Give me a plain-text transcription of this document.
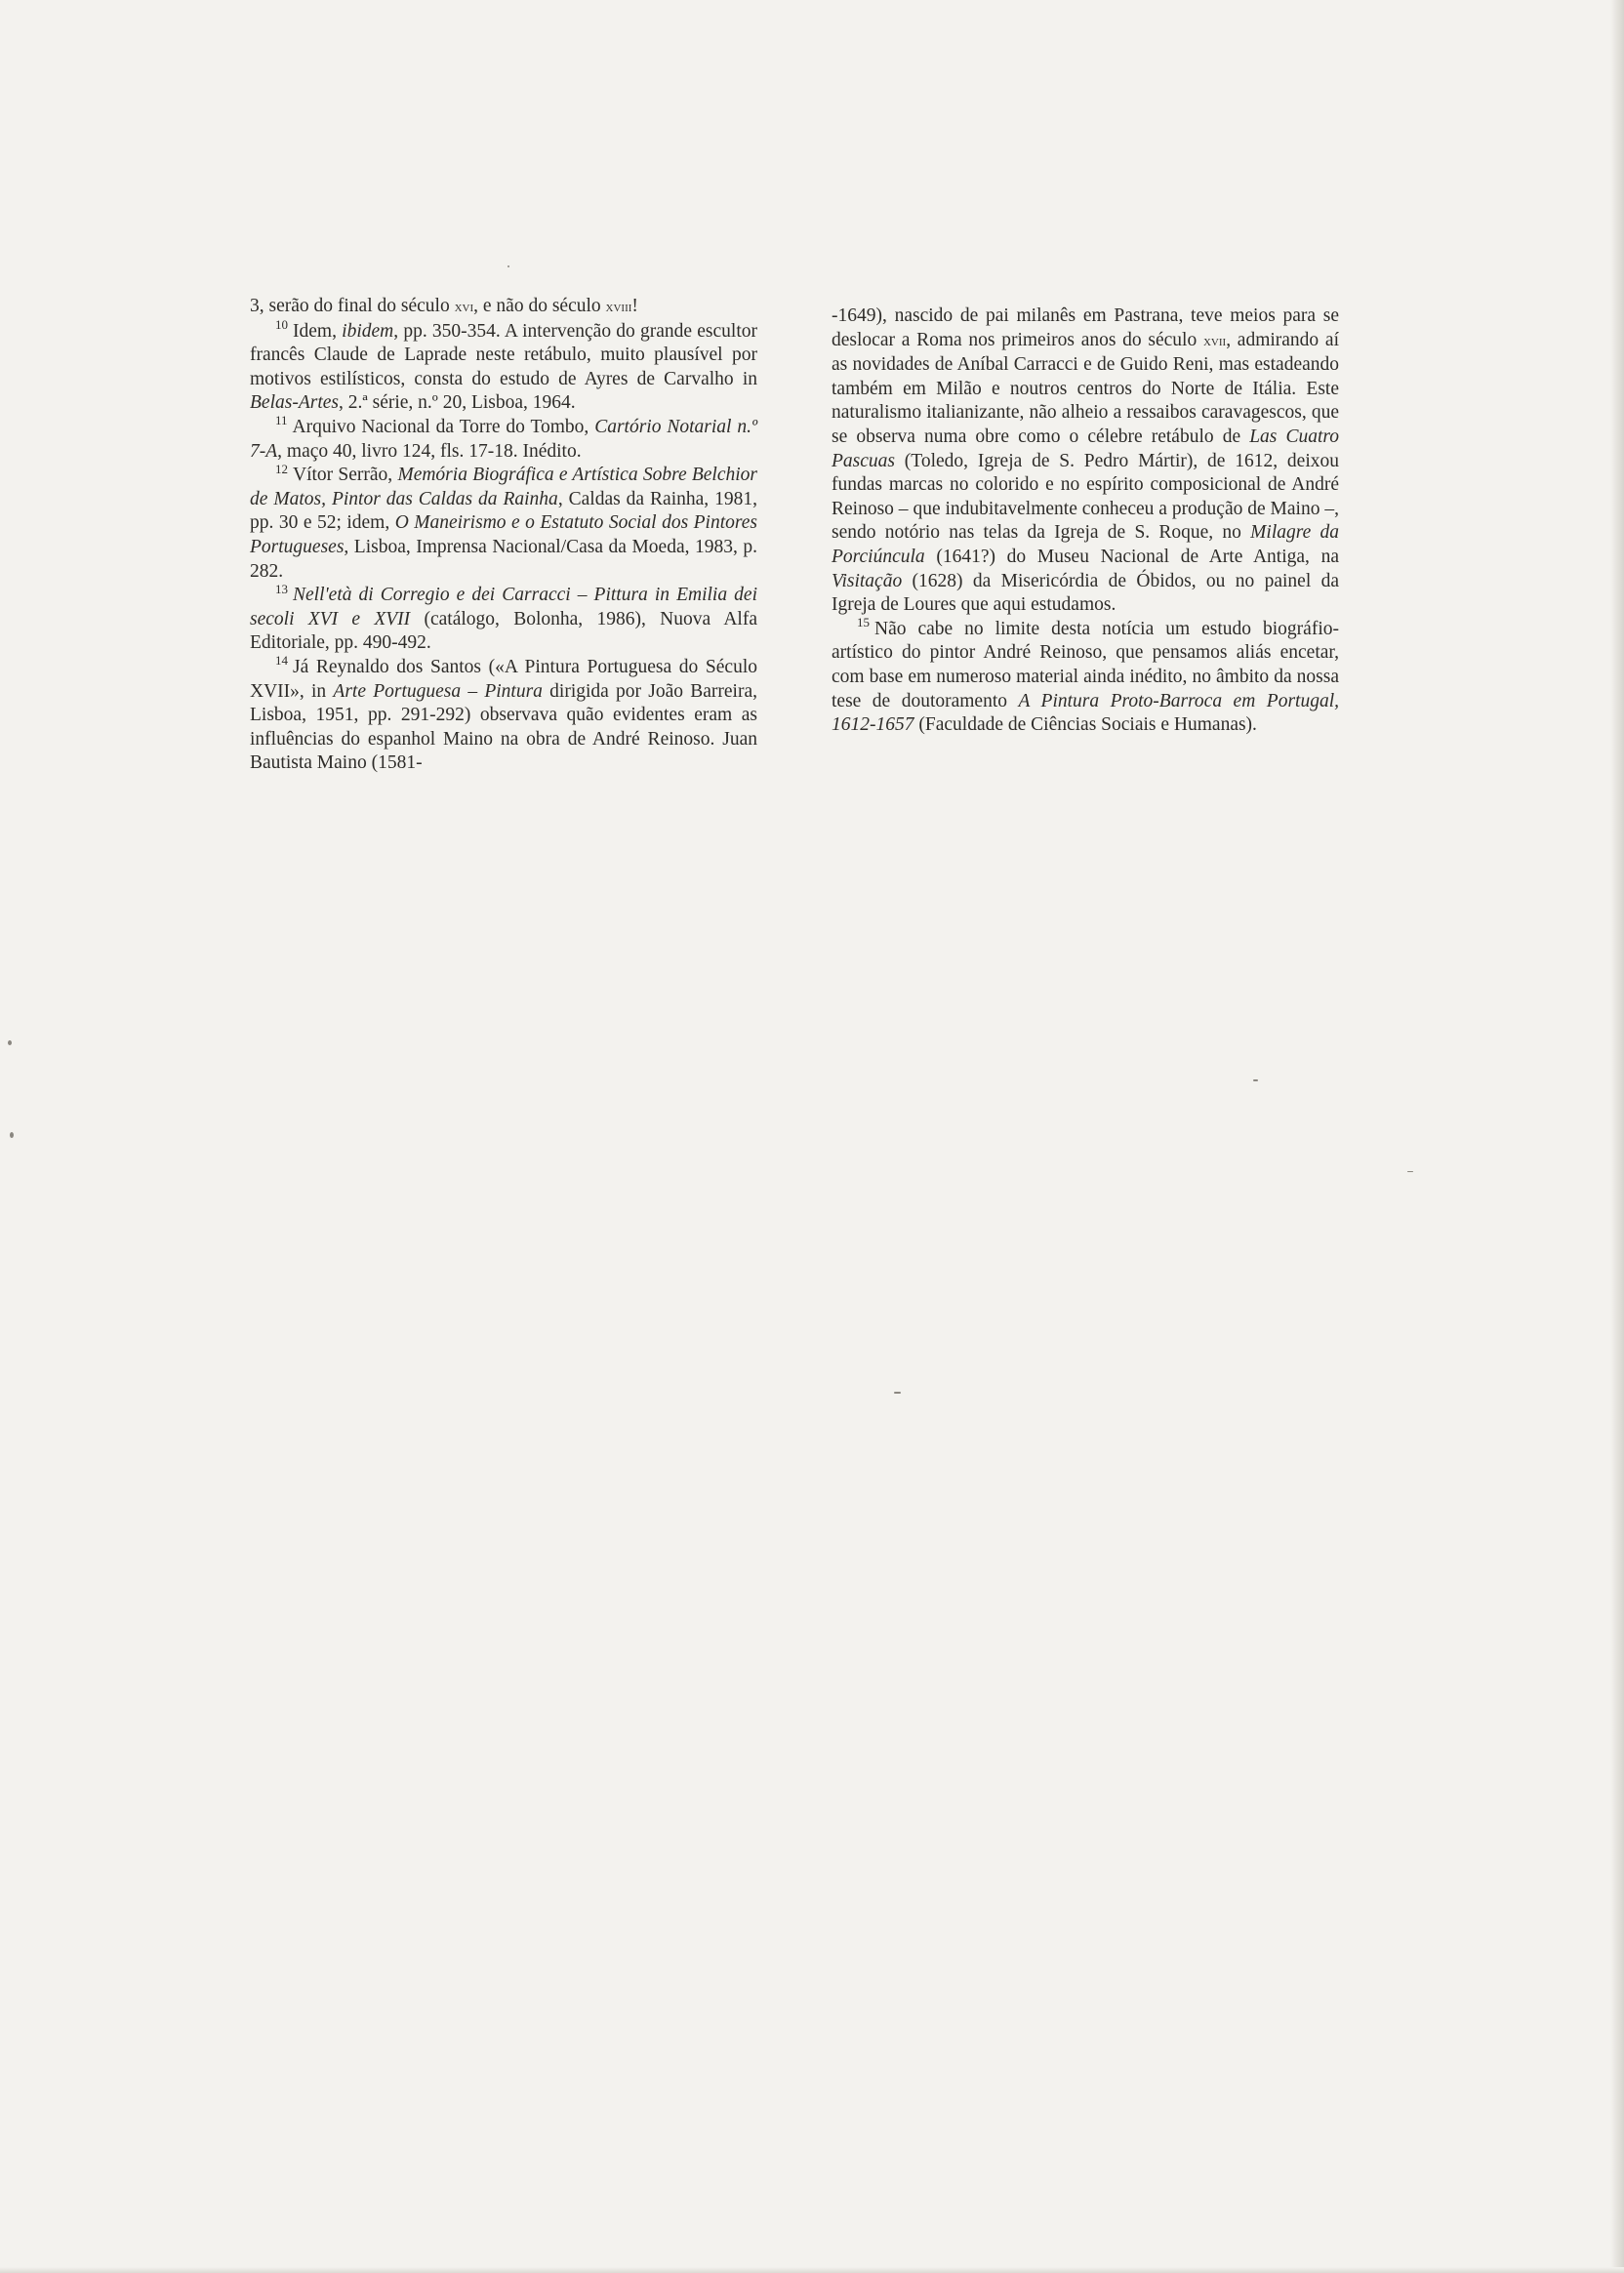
3, serão do final do século xvi, e não do século xviii!

$^{10}$ Idem, ibidem, pp. 350-354. A intervenção do grande escultor francês Claude de Laprade neste retábulo, muito plausível por motivos estilísticos, consta do estudo de Ayres de Carvalho in Belas-Artes, 2.ª série, n.º 20, Lisboa, 1964.

$^{11}$ Arquivo Nacional da Torre do Tombo, Cartório Notarial n.º 7-A, maço 40, livro 124, fls. 17-18. Inédito.

$^{12}$ Vítor Serrão, Memória Biográfica e Artística Sobre Belchior de Matos, Pintor das Caldas da Rainha, Caldas da Rainha, 1981, pp. 30 e 52; idem, O Maneirismo e o Estatuto Social dos Pintores Portugueses, Lisboa, Imprensa Nacional/Casa da Moeda, 1983, p. 282.

$^{13}$ Nell'età di Corregio e dei Carracci – Pittura in Emilia dei secoli XVI e XVII (catálogo, Bolonha, 1986), Nuova Alfa Editoriale, pp. 490-492.

$^{14}$ Já Reynaldo dos Santos («A Pintura Portuguesa do Século XVII», in Arte Portuguesa – Pintura dirigida por João Barreira, Lisboa, 1951, pp. 291-292) observava quão evidentes eram as influências do espanhol Maino na obra de André Reinoso. Juan Bautista Maino (1581-

-1649), nascido de pai milanês em Pastrana, teve meios para se deslocar a Roma nos primeiros anos do século xvii, admirando aí as novidades de Aníbal Carracci e de Guido Reni, mas estadeando também em Milão e noutros centros do Norte de Itália. Este naturalismo italianizante, não alheio a ressaibos caravagescos, que se observa numa obre como o célebre retábulo de Las Cuatro Pascuas (Toledo, Igreja de S. Pedro Mártir), de 1612, deixou fundas marcas no colorido e no espírito composicional de André Reinoso – que indubitavelmente conheceu a produção de Maino –, sendo notório nas telas da Igreja de S. Roque, no Milagre da Porciúncula (1641?) do Museu Nacional de Arte Antiga, na Visitação (1628) da Misericórdia de Óbidos, ou no painel da Igreja de Loures que aqui estudamos.

$^{15}$ Não cabe no limite desta notícia um estudo biográfio-artístico do pintor André Reinoso, que pensamos aliás encetar, com base em numeroso material ainda inédito, no âmbito da nossa tese de doutoramento A Pintura Proto-Barroca em Portugal, 1612-1657 (Faculdade de Ciências Sociais e Humanas).
